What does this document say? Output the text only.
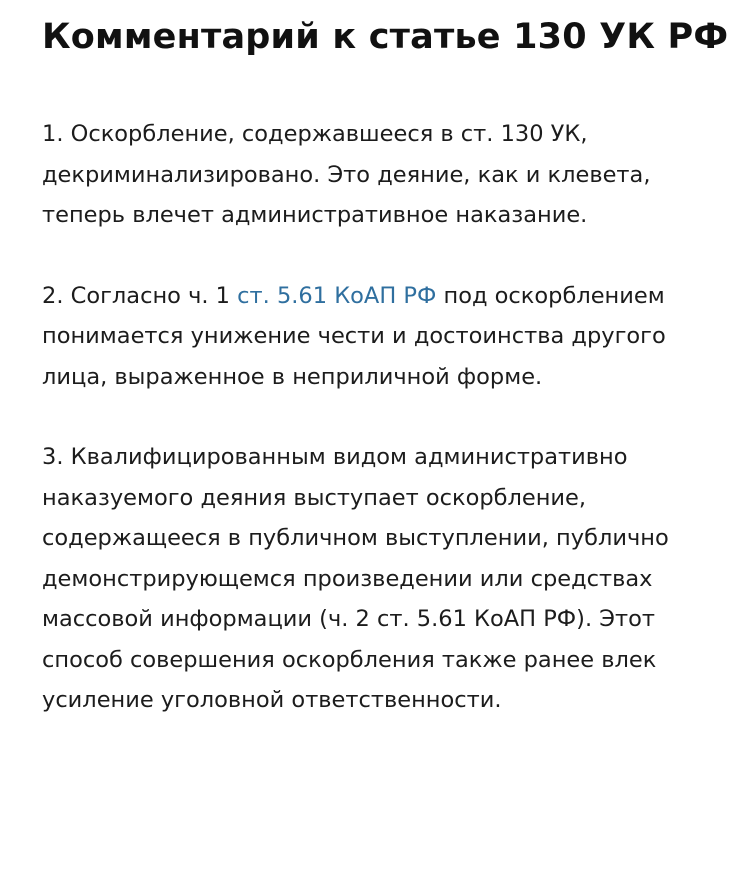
Комментарий к статье 130 УК РФ

1. Оскорбление, содержавшееся в ст. 130 УК, декриминализировано. Это деяние, как и клевета, теперь влечет административное наказание.

2. Согласно ч. 1 ст. 5.61 КоАП РФ под оскорблением понимается унижение чести и достоинства другого лица, выраженное в неприличной форме.

3. Квалифицированным видом административно наказуемого деяния выступает оскорбление, содержащееся в публичном выступлении, публично демонстрирующемся произведении или средствах массовой информации (ч. 2 ст. 5.61 КоАП РФ). Этот способ совершения оскорбления также ранее влек усиление уголовной ответственности.
